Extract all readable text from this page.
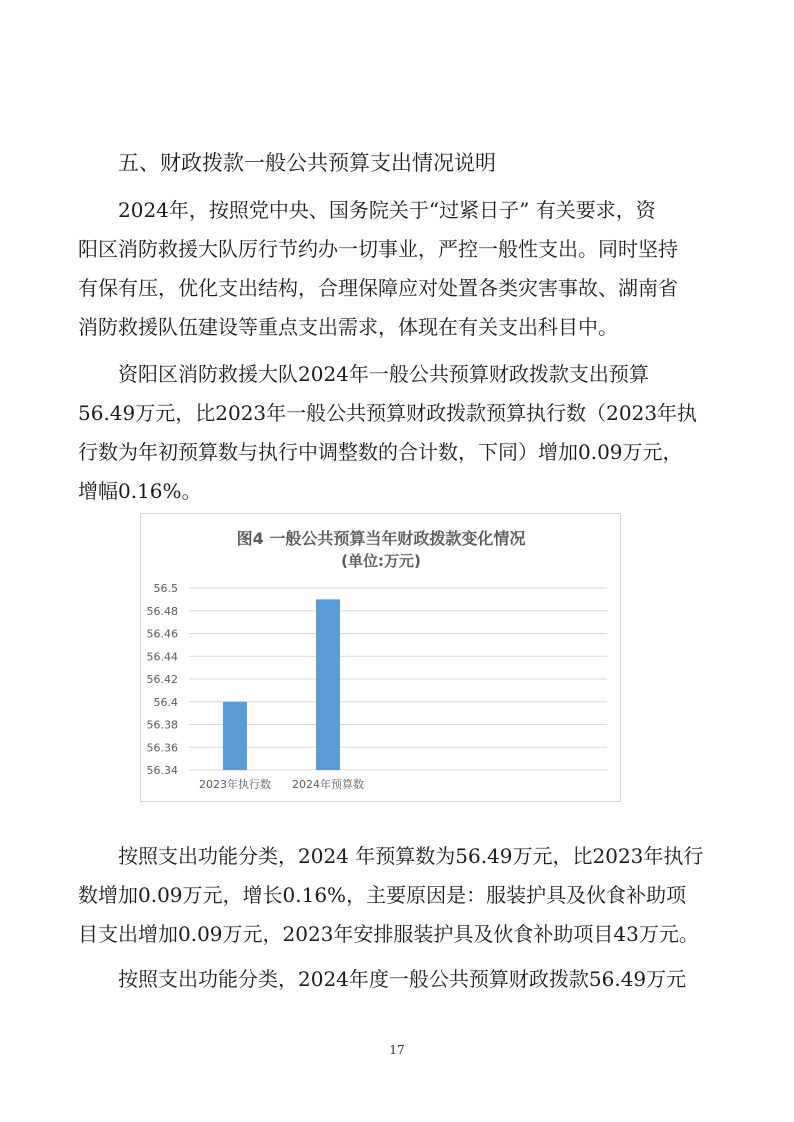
五、财政拨款一般公共预算支出情况说明
2024年，按照党中央、国务院关于“过紧日子” 有关要求，资
阳区消防救援大队厉行节约办一切事业，严控一般性支出。同时坚持
有保有压，优化支出结构，合理保障应对处置各类灾害事故、湖南省
消防救援队伍建设等重点支出需求，体现在有关支出科目中。
资阳区消防救援大队2024年一般公共预算财政拨款支出预算
56.49万元，比2023年一般公共预算财政拨款预算执行数（2023年执
行数为年初预算数与执行中调整数的合计数，下同）增加0.09万元，
增幅0.16%。
图4 一般公共预算当年财政拨款变化情况
(单位:万元)
56.34
56.36
56.38
56.4
56.42
56.44
56.46
56.48
56.5
2023年执行数 2024年预算数
按照支出功能分类，2024 年预算数为56.49万元，比2023年执行
数增加0.09万元，增长0.16%，主要原因是：服装护具及伙食补助项
目支出增加0.09万元，2023年安排服装护具及伙食补助项目43万元。
按照支出功能分类，2024年度一般公共预算财政拨款56.49万元
17
